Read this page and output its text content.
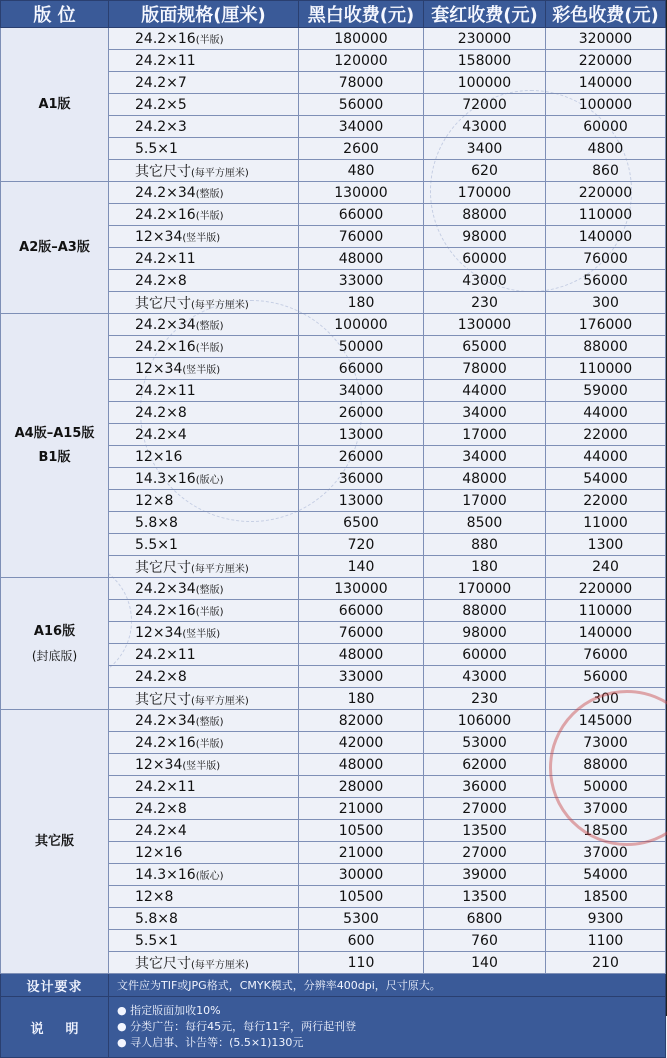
版 位	版面规格(厘米)	黑白收费(元)	套红收费(元)	彩色收费(元)

A1版	24.2×16(半版)	180000	230000	320000
	24.2×11	120000	158000	220000
	24.2×7	78000	100000	140000
	24.2×5	56000	72000	100000
	24.2×3	34000	43000	60000
	5.5×1	2600	3400	4800
	其它尺寸(每平方厘米)	480	620	860

A2版–A3版	24.2×34(整版)	130000	170000	220000
	24.2×16(半版)	66000	88000	110000
	12×34(竖半版)	76000	98000	140000
	24.2×11	48000	60000	76000
	24.2×8	33000	43000	56000
	其它尺寸(每平方厘米)	180	230	300

A4版–A15版
B1版	24.2×34(整版)	100000	130000	176000
	24.2×16(半版)	50000	65000	88000
	12×34(竖半版)	66000	78000	110000
	24.2×11	34000	44000	59000
	24.2×8	26000	34000	44000
	24.2×4	13000	17000	22000
	12×16	26000	34000	44000
	14.3×16(版心)	36000	48000	54000
	12×8	13000	17000	22000
	5.8×8	6500	8500	11000
	5.5×1	720	880	1300
	其它尺寸(每平方厘米)	140	180	240

A16版
(封底版)	24.2×34(整版)	130000	170000	220000
	24.2×16(半版)	66000	88000	110000
	12×34(竖半版)	76000	98000	140000
	24.2×11	48000	60000	76000
	24.2×8	33000	43000	56000
	其它尺寸(每平方厘米)	180	230	300

其它版	24.2×34(整版)	82000	106000	145000
	24.2×16(半版)	42000	53000	73000
	12×34(竖半版)	48000	62000	88000
	24.2×11	28000	36000	50000
	24.2×8	21000	27000	37000
	24.2×4	10500	13500	18500
	12×16	21000	27000	37000
	14.3×16(版心)	30000	39000	54000
	12×8	10500	13500	18500
	5.8×8	5300	6800	9300
	5.5×1	600	760	1100
	其它尺寸(每平方厘米)	110	140	210
设计要求	文件应为TIF或JPG格式，CMYK模式，分辨率400dpi，尺寸原大。			
说明	● 指定版面加收10%
● 分类广告：每行45元，每行11字，两行起刊登
● 寻人启事、讣告等：(5.5×1)130元			
